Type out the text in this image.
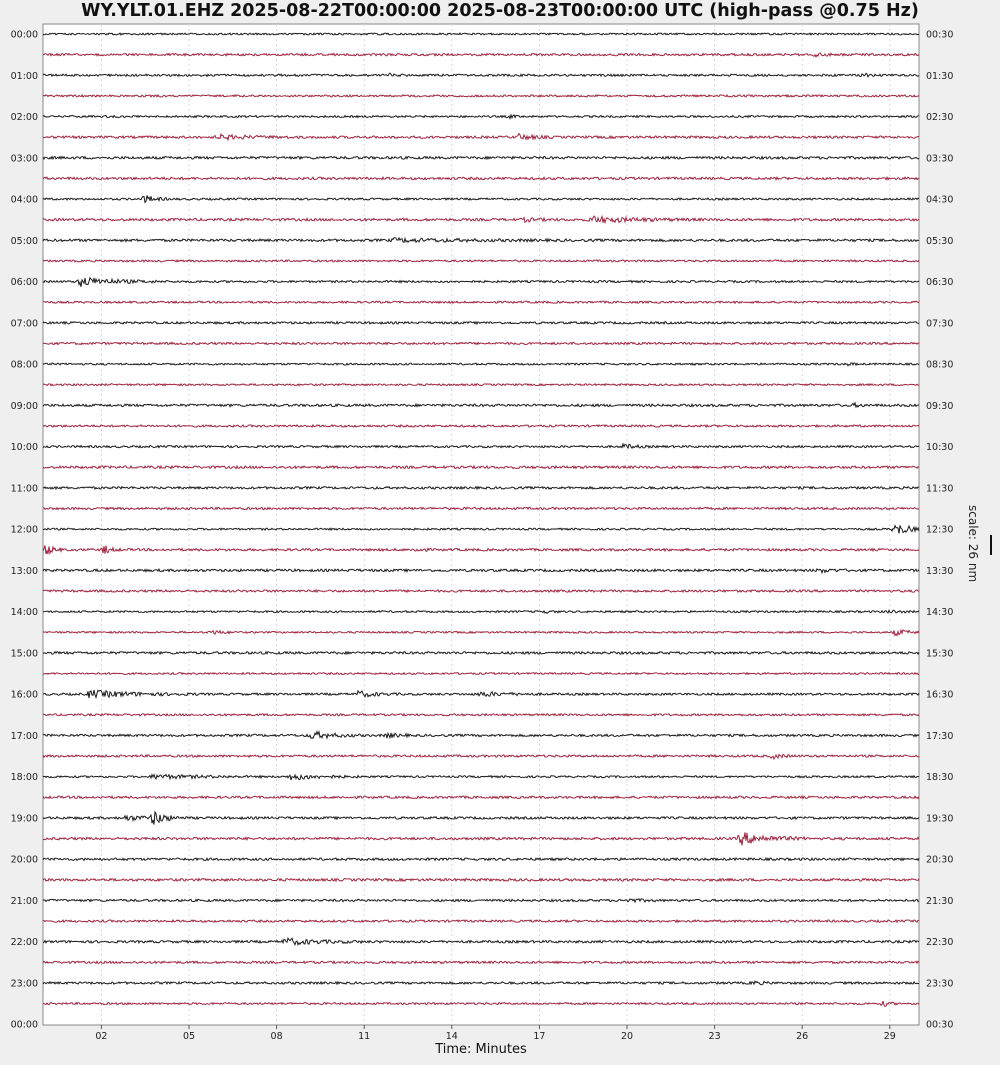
WY.YLT.01.EHZ 2025-08-22T00:00:00 2025-08-23T00:00:00 UTC (high-pass @0.75 Hz)
00:00
01:00
02:00
03:00
04:00
05:00
06:00
07:00
08:00
09:00
10:00
11:00
12:00
13:00
14:00
15:00
16:00
17:00
18:00
19:00
20:00
21:00
22:00
23:00
00:00
00:30
01:30
02:30
03:30
04:30
05:30
06:30
07:30
08:30
09:30
10:30
11:30
12:30
13:30
14:30
15:30
16:30
17:30
18:30
19:30
20:30
21:30
22:30
23:30
00:30
02	05	08	11	14	17	20	23	26	29
Time: Minutes
scale: 26 nm
